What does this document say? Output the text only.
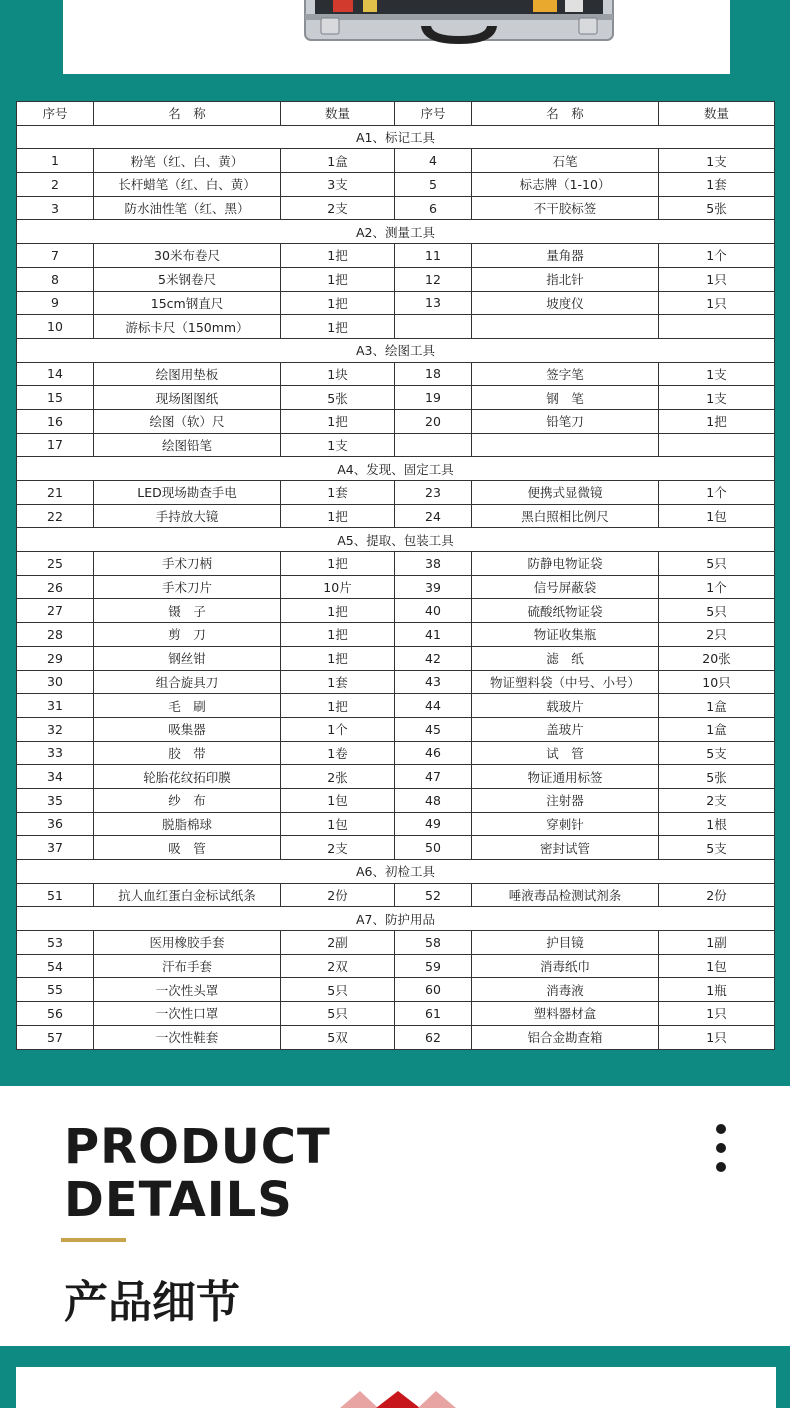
序号	名　称	数量	序号	名　称	数量
A1、标记工具					
1	粉笔（红、白、黄）	1盒	4	石笔	1支
2	长杆蜡笔（红、白、黄）	3支	5	标志牌（1-10）	1套
3	防水油性笔（红、黑）	2支	6	不干胶标签	5张
A2、测量工具					
7	30米布卷尺	1把	11	量角器	1个
8	5米钢卷尺	1把	12	指北针	1只
9	15cm钢直尺	1把	13	坡度仪	1只
10	游标卡尺（150mm）	1把			
A3、绘图工具					
14	绘图用垫板	1块	18	签字笔	1支
15	现场图图纸	5张	19	钢　笔	1支
16	绘图（软）尺	1把	20	铅笔刀	1把
17	绘图铅笔	1支			
A4、发现、固定工具					
21	LED现场勘查手电	1套	23	便携式显微镜	1个
22	手持放大镜	1把	24	黑白照相比例尺	1包
A5、提取、包装工具					
25	手术刀柄	1把	38	防静电物证袋	5只
26	手术刀片	10片	39	信号屏蔽袋	1个
27	镊　子	1把	40	硫酸纸物证袋	5只
28	剪　刀	1把	41	物证收集瓶	2只
29	钢丝钳	1把	42	滤　纸	20张
30	组合旋具刀	1套	43	物证塑料袋（中号、小号）	10只
31	毛　刷	1把	44	载玻片	1盒
32	吸集器	1个	45	盖玻片	1盒
33	胶　带	1卷	46	试　管	5支
34	轮胎花纹拓印膜	2张	47	物证通用标签	5张
35	纱　布	1包	48	注射器	2支
36	脱脂棉球	1包	49	穿刺针	1根
37	吸　管	2支	50	密封试管	5支
A6、初检工具					
51	抗人血红蛋白金标试纸条	2份	52	唾液毒品检测试剂条	2份
A7、防护用品					
53	医用橡胶手套	2副	58	护目镜	1副
54	汗布手套	2双	59	消毒纸巾	1包
55	一次性头罩	5只	60	消毒液	1瓶
56	一次性口罩	5只	61	塑料器材盒	1只
57	一次性鞋套	5双	62	铝合金勘查箱	1只
PRODUCT
DETAILS
产品细节
